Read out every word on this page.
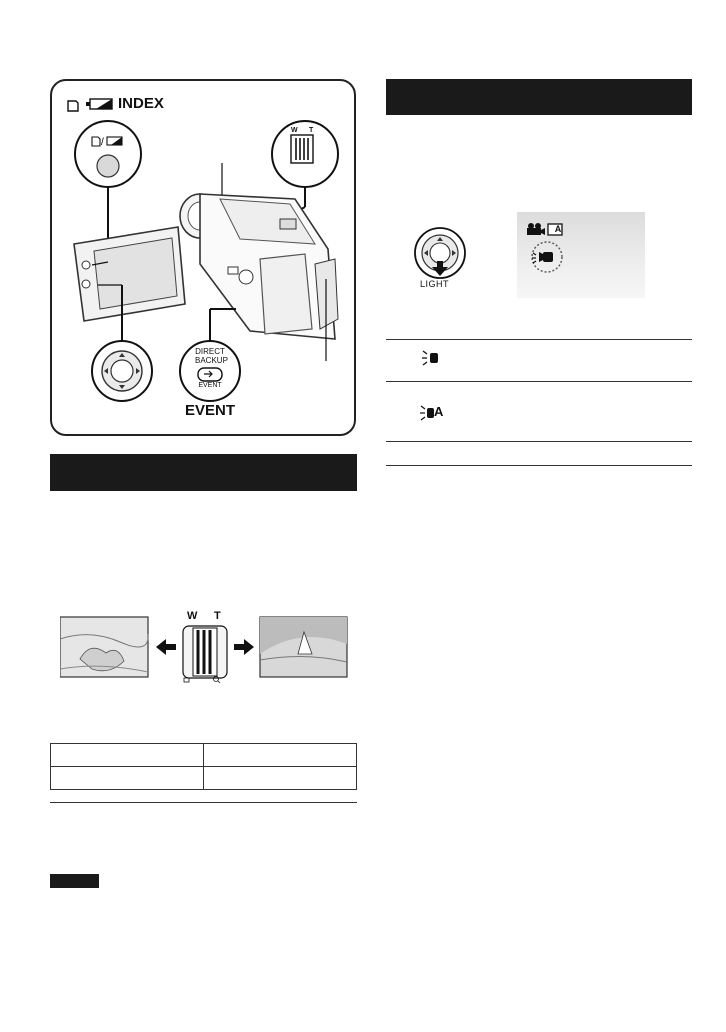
/
INDEX
EVENT
W T
DIRECT
BACKUP
EVENT
W T

LIGHT
A
A
